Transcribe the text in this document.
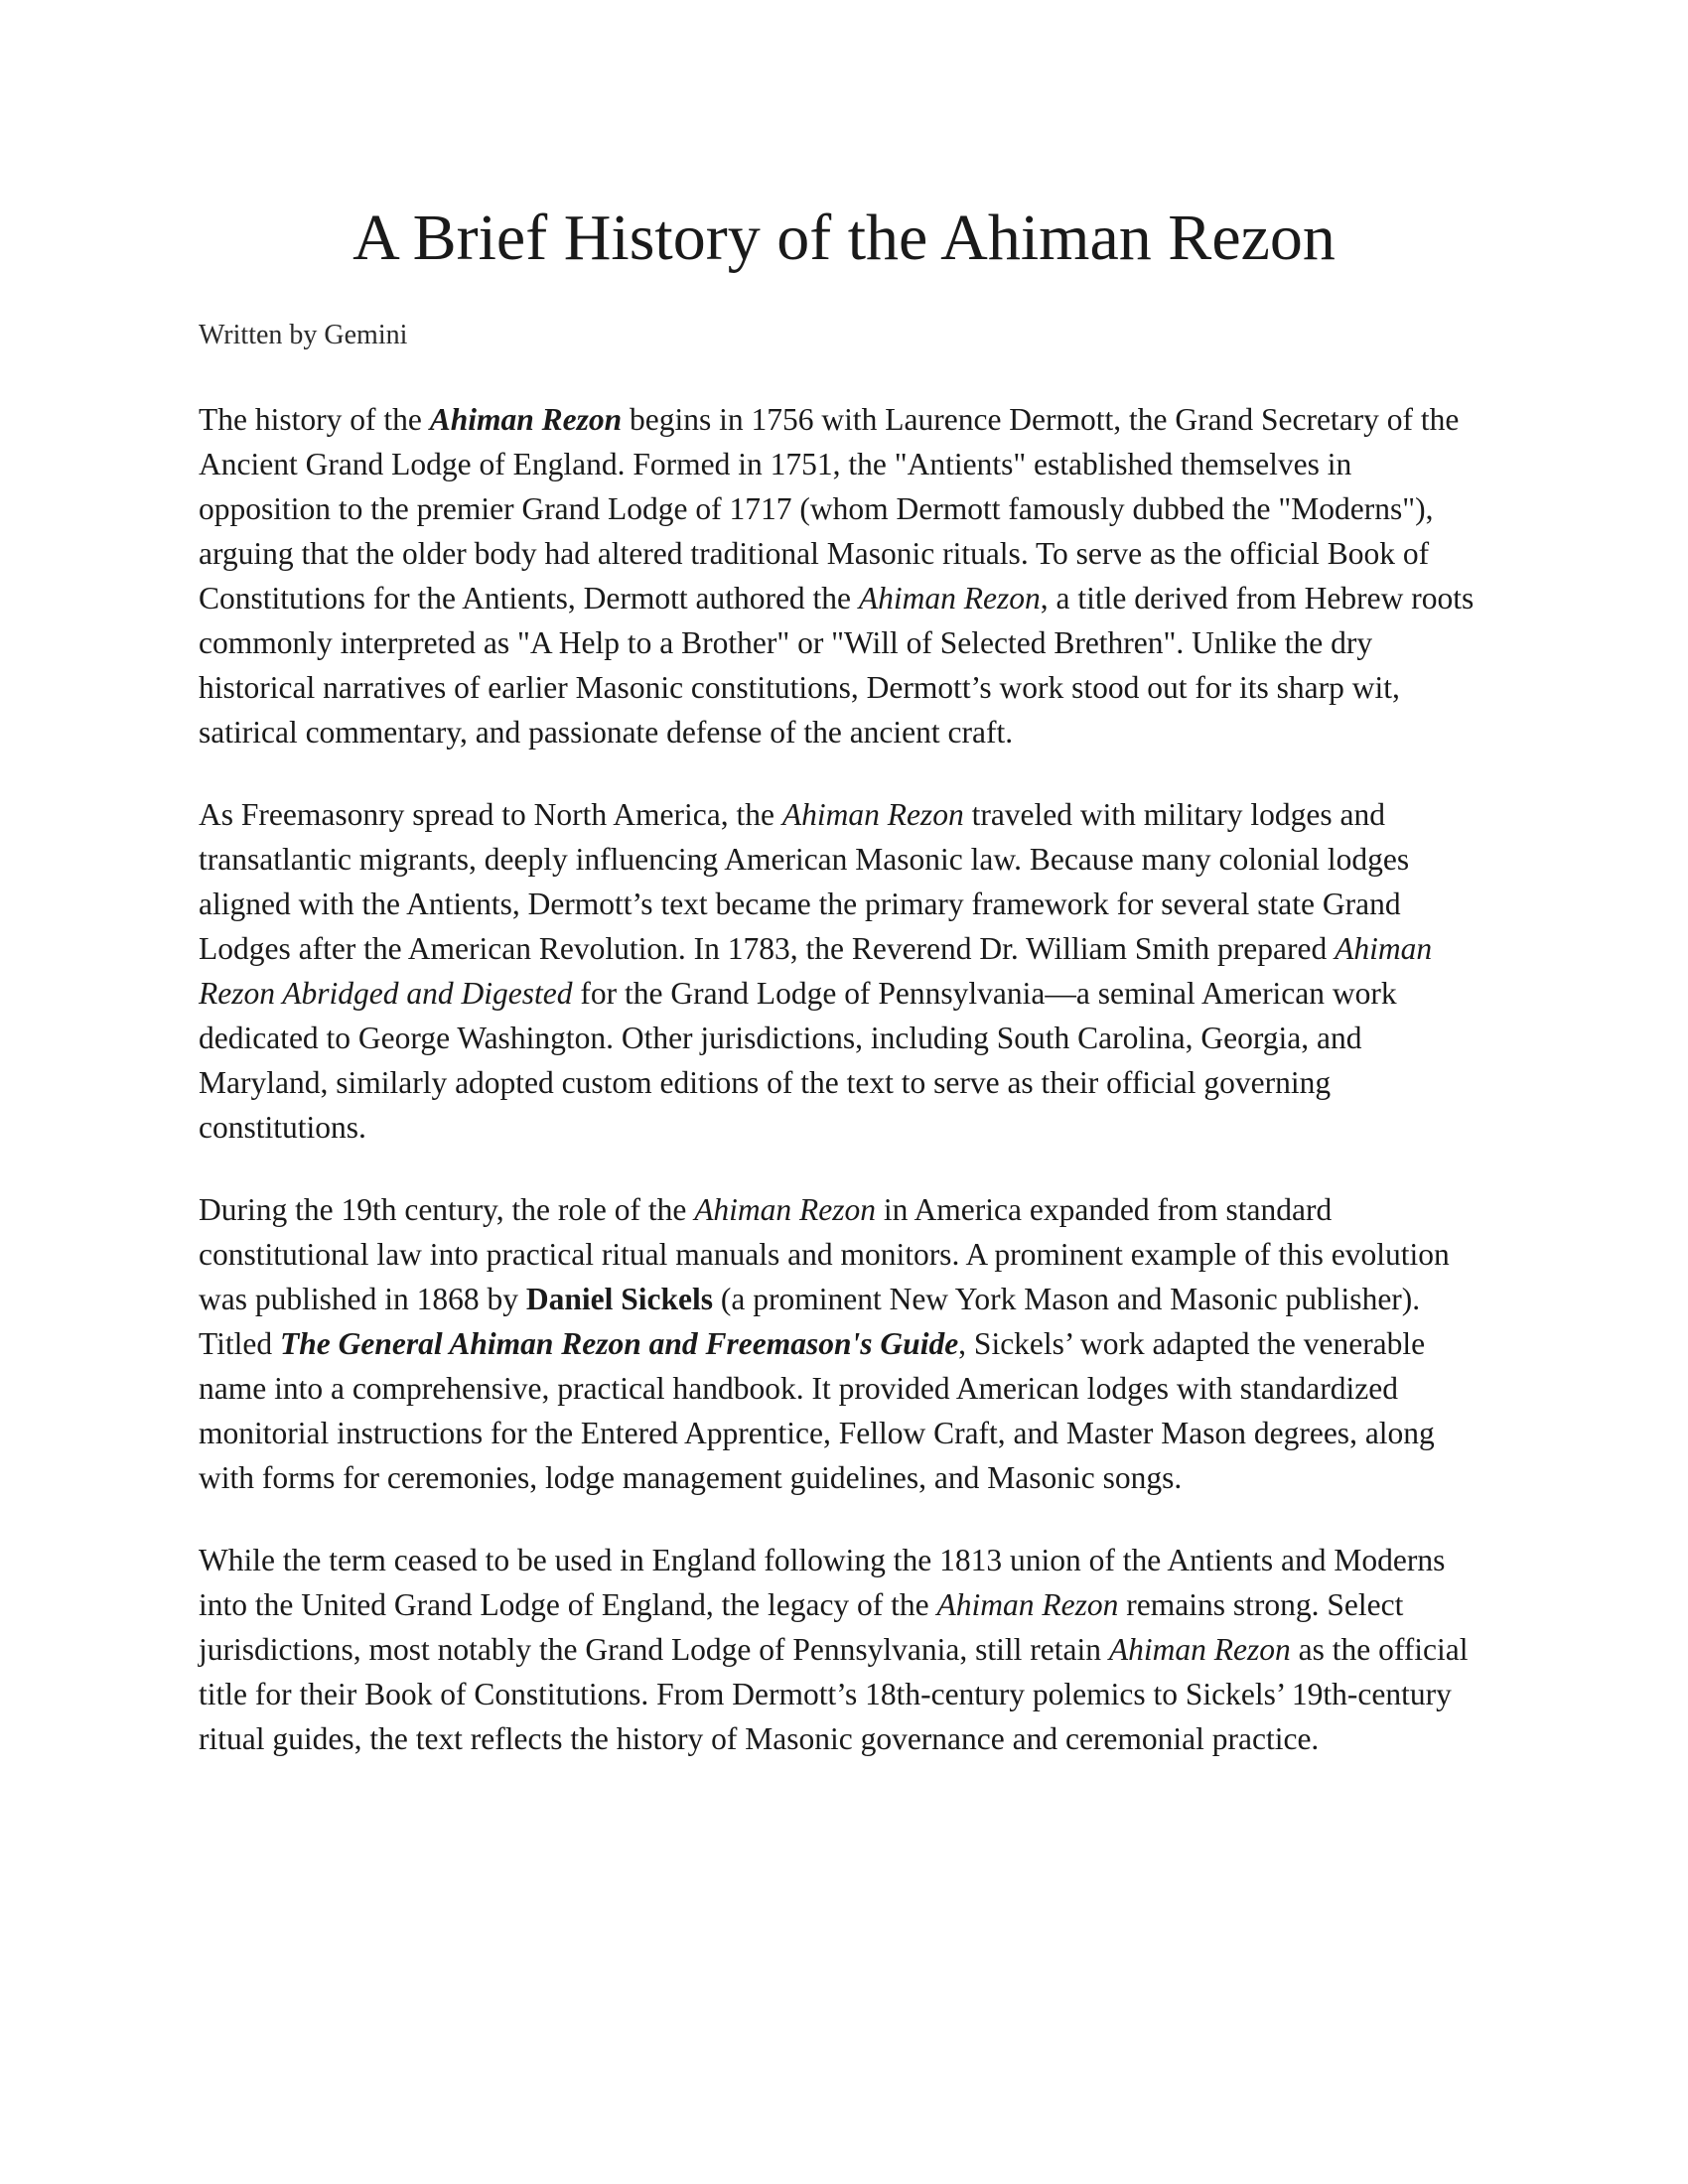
A Brief History of the Ahiman Rezon

Written by Gemini

The history of the Ahiman Rezon begins in 1756 with Laurence Dermott, the Grand Secretary of the Ancient Grand Lodge of England. Formed in 1751, the "Antients" established themselves in opposition to the premier Grand Lodge of 1717 (whom Dermott famously dubbed the "Moderns"), arguing that the older body had altered traditional Masonic rituals. To serve as the official Book of Constitutions for the Antients, Dermott authored the Ahiman Rezon, a title derived from Hebrew roots commonly interpreted as "A Help to a Brother" or "Will of Selected Brethren". Unlike the dry historical narratives of earlier Masonic constitutions, Dermott’s work stood out for its sharp wit, satirical commentary, and passionate defense of the ancient craft.

As Freemasonry spread to North America, the Ahiman Rezon traveled with military lodges and transatlantic migrants, deeply influencing American Masonic law. Because many colonial lodges aligned with the Antients, Dermott’s text became the primary framework for several state Grand Lodges after the American Revolution. In 1783, the Reverend Dr. William Smith prepared Ahiman Rezon Abridged and Digested for the Grand Lodge of Pennsylvania—a seminal American work dedicated to George Washington. Other jurisdictions, including South Carolina, Georgia, and Maryland, similarly adopted custom editions of the text to serve as their official governing constitutions.

During the 19th century, the role of the Ahiman Rezon in America expanded from standard constitutional law into practical ritual manuals and monitors. A prominent example of this evolution was published in 1868 by Daniel Sickels (a prominent New York Mason and Masonic publisher). Titled The General Ahiman Rezon and Freemason's Guide, Sickels’ work adapted the venerable name into a comprehensive, practical handbook. It provided American lodges with standardized monitorial instructions for the Entered Apprentice, Fellow Craft, and Master Mason degrees, along with forms for ceremonies, lodge management guidelines, and Masonic songs.

While the term ceased to be used in England following the 1813 union of the Antients and Moderns into the United Grand Lodge of England, the legacy of the Ahiman Rezon remains strong. Select jurisdictions, most notably the Grand Lodge of Pennsylvania, still retain Ahiman Rezon as the official title for their Book of Constitutions. From Dermott’s 18th-century polemics to Sickels’ 19th-century ritual guides, the text reflects the history of Masonic governance and ceremonial practice.
